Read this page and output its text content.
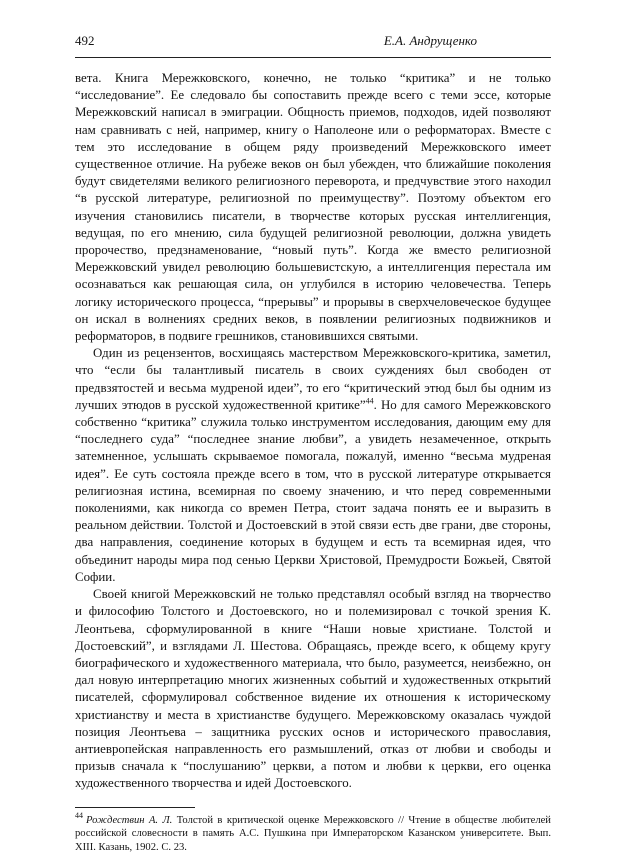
492	Е.А. Андрущенко

вета. Книга Мережковского, конечно, не только “критика” и не только “исследование”. Ее следовало бы сопоставить прежде всего с теми эссе, которые Мережковский написал в эмиграции. Общность приемов, подходов, идей позволяют нам сравнивать с ней, например, книгу о Наполеоне или о реформаторах. Вместе с тем это исследование в общем ряду произведений Мережковского имеет существенное отличие. На рубеже веков он был убежден, что ближайшие поколения будут свидетелями великого религиозного переворота, и предчувствие этого находил “в русской литературе, религиозной по преимуществу”. Поэтому объектом его изучения становились писатели, в творчестве которых русская интеллигенция, ведущая, по его мнению, сила будущей религиозной революции, должна увидеть пророчество, предзнаменование, “новый путь”. Когда же вместо религиозной Мережковский увидел революцию большевистскую, а интеллигенция перестала им осознаваться как решающая сила, он углубился в историю человечества. Теперь логику исторического процесса, “прерывы” и прорывы в сверхчеловеческое будущее он искал в волнениях средних веков, в появлении религиозных подвижников и реформаторов, в подвиге грешников, становившихся святыми.

Один из рецензентов, восхищаясь мастерством Мережковского-критика, заметил, что “если бы талантливый писатель в своих суждениях был свободен от предвзятостей и весьма мудреной идеи”, то его “критический этюд был бы одним из лучших этюдов в русской художественной критике”$^{44}$. Но для самого Мережковского собственно “критика” служила только инструментом исследования, дающим ему для “последнего суда” “последнее знание любви”, а увидеть незамеченное, открыть затемненное, услышать скрываемое помогала, пожалуй, именно “весьма мудреная идея”. Ее суть состояла прежде всего в том, что в русской литературе открывается религиозная истина, всемирная по своему значению, и что перед современными поколениями, как никогда со времен Петра, стоит задача понять ее и выразить в реальном действии. Толстой и Достоевский в этой связи есть две грани, две стороны, два направления, соединение которых в будущем и есть та всемирная идея, что объединит народы мира под сенью Церкви Христовой, Премудрости Божьей, Святой Софии.

Своей книгой Мережковский не только представлял особый взгляд на творчество и философию Толстого и Достоевского, но и полемизировал с точкой зрения К. Леонтьева, сформулированной в книге “Наши новые христиане. Толстой и Достоевский”, и взглядами Л. Шестова. Обращаясь, прежде всего, к общему кругу биографического и художественного материала, что было, разумеется, неизбежно, он дал новую интерпретацию многих жизненных событий и художественных открытий писателей, сформулировал собственное видение их отношения к историческому христианству и места в христианстве будущего. Мережковскому оказалась чуждой позиция Леонтьева – защитника русских основ и исторического православия, антиевропейская направленность его размышлений, отказ от любви и свободы и призыв сначала к “послушанию” церкви, а потом и любви к церкви, его оценка художественного творчества и идей Достоевского.

$^{44}$ Рождествин А. Л. Толстой в критической оценке Мережковского // Чтение в обществе любителей российской словесности в память А.С. Пушкина при Императорском Казанском университете. Вып. XIII. Казань, 1902. С. 23.
